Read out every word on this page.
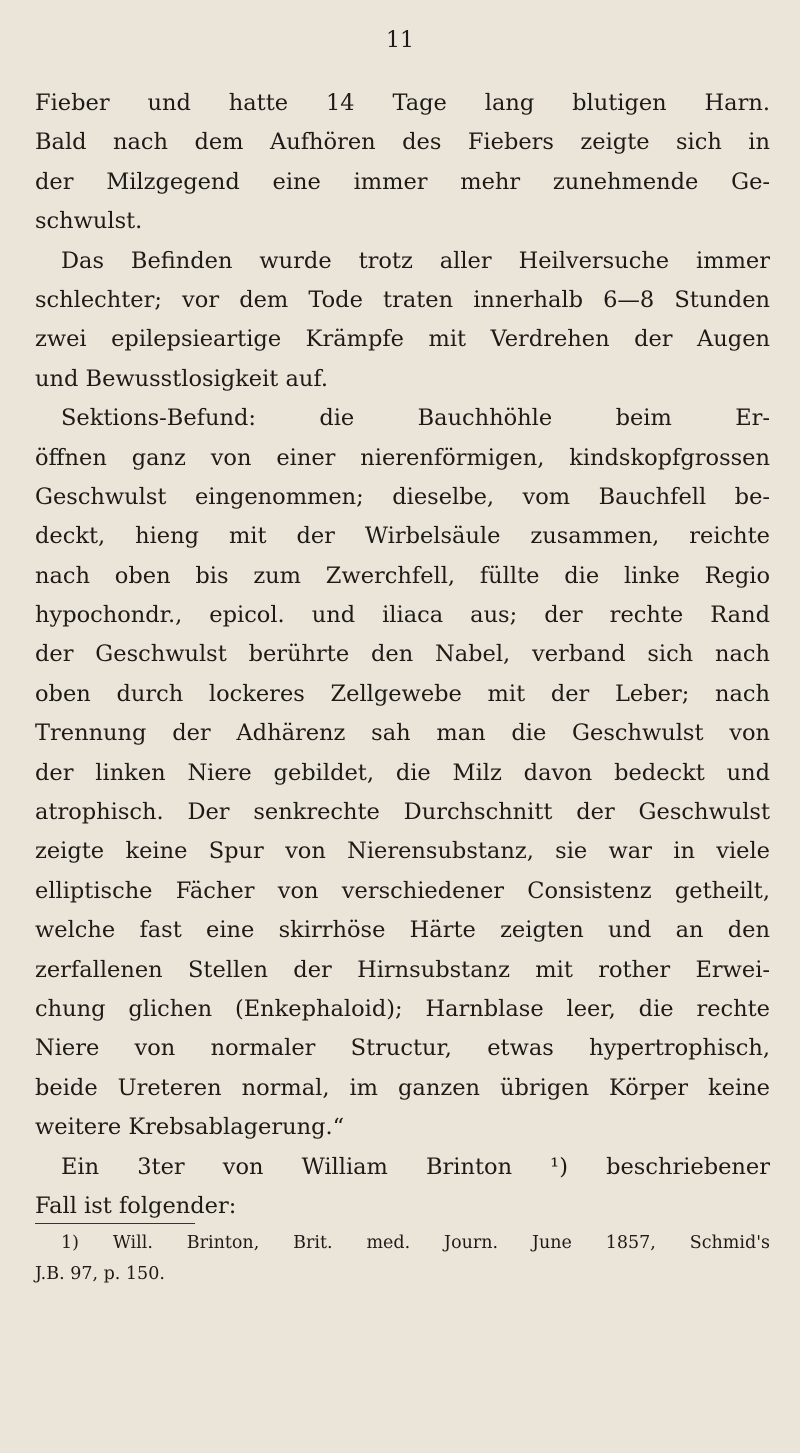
11
Fieber und hatte 14 Tage lang blutigen Harn.
Bald nach dem Aufhören des Fiebers zeigte sich in
der Milzgegend eine immer mehr zunehmende Ge-
schwulst.
Das Befinden wurde trotz aller Heilversuche immer
schlechter; vor dem Tode traten innerhalb 6—8 Stunden
zwei epilepsieartige Krämpfe mit Verdrehen der Augen
und Bewusstlosigkeit auf.
Sektions-Befund: die Bauchhöhle beim Er-
öffnen ganz von einer nierenförmigen, kindskopfgrossen
Geschwulst eingenommen; dieselbe, vom Bauchfell be-
deckt, hieng mit der Wirbelsäule zusammen, reichte
nach oben bis zum Zwerchfell, füllte die linke Regio
hypochondr., epicol. und iliaca aus; der rechte Rand
der Geschwulst berührte den Nabel, verband sich nach
oben durch lockeres Zellgewebe mit der Leber; nach
Trennung der Adhärenz sah man die Geschwulst von
der linken Niere gebildet, die Milz davon bedeckt und
atrophisch. Der senkrechte Durchschnitt der Geschwulst
zeigte keine Spur von Nierensubstanz, sie war in viele
elliptische Fächer von verschiedener Consistenz getheilt,
welche fast eine skirrhöse Härte zeigten und an den
zerfallenen Stellen der Hirnsubstanz mit rother Erwei-
chung glichen (Enkephaloid); Harnblase leer, die rechte
Niere von normaler Structur, etwas hypertrophisch,
beide Ureteren normal, im ganzen übrigen Körper keine
weitere Krebsablagerung.“
Ein 3ter von William Brinton ¹) beschriebener
Fall ist folgender:
1) Will. Brinton, Brit. med. Journ. June 1857, Schmid's
J.B. 97, p. 150.
